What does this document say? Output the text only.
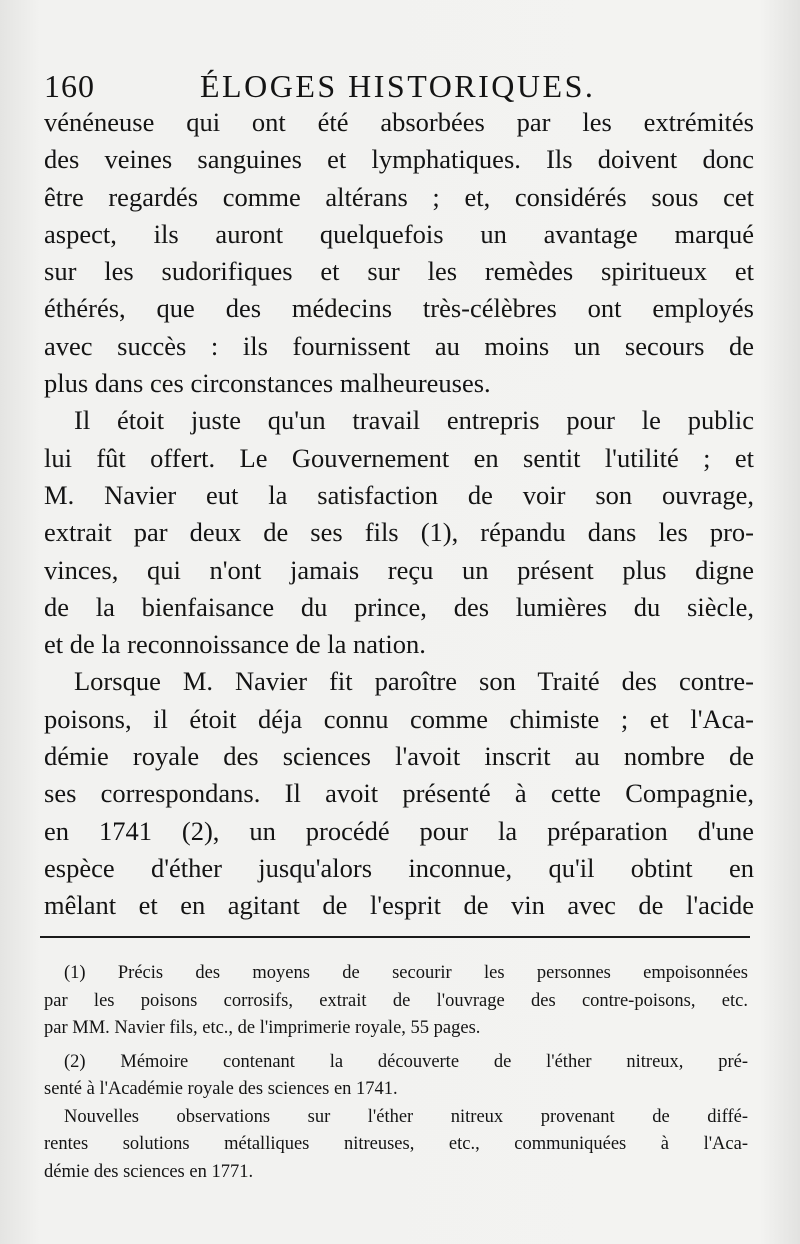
160	ÉLOGES HISTORIQUES.
vénéneuse qui ont été absorbées par les extrémités
des veines sanguines et lymphatiques. Ils doivent donc
être regardés comme altérans ; et, considérés sous cet
aspect, ils auront quelquefois un avantage marqué
sur les sudorifiques et sur les remèdes spiritueux et
éthérés, que des médecins très-célèbres ont employés
avec succès : ils fournissent au moins un secours de
plus dans ces circonstances malheureuses.
Il étoit juste qu'un travail entrepris pour le public
lui fût offert. Le Gouvernement en sentit l'utilité ; et
M. Navier eut la satisfaction de voir son ouvrage,
extrait par deux de ses fils (1), répandu dans les pro-
vinces, qui n'ont jamais reçu un présent plus digne
de la bienfaisance du prince, des lumières du siècle,
et de la reconnoissance de la nation.
Lorsque M. Navier fit paroître son Traité des contre-
poisons, il étoit déja connu comme chimiste ; et l'Aca-
démie royale des sciences l'avoit inscrit au nombre de
ses correspondans. Il avoit présenté à cette Compagnie,
en 1741 (2), un procédé pour la préparation d'une
espèce d'éther jusqu'alors inconnue, qu'il obtint en
mêlant et en agitant de l'esprit de vin avec de l'acide
(1) Précis des moyens de secourir les personnes empoisonnées
par les poisons corrosifs, extrait de l'ouvrage des contre-poisons, etc.
par MM. Navier fils, etc., de l'imprimerie royale, 55 pages.
(2) Mémoire contenant la découverte de l'éther nitreux, pré-
senté à l'Académie royale des sciences en 1741.
Nouvelles observations sur l'éther nitreux provenant de diffé-
rentes solutions métalliques nitreuses, etc., communiquées à l'Aca-
démie des sciences en 1771.
